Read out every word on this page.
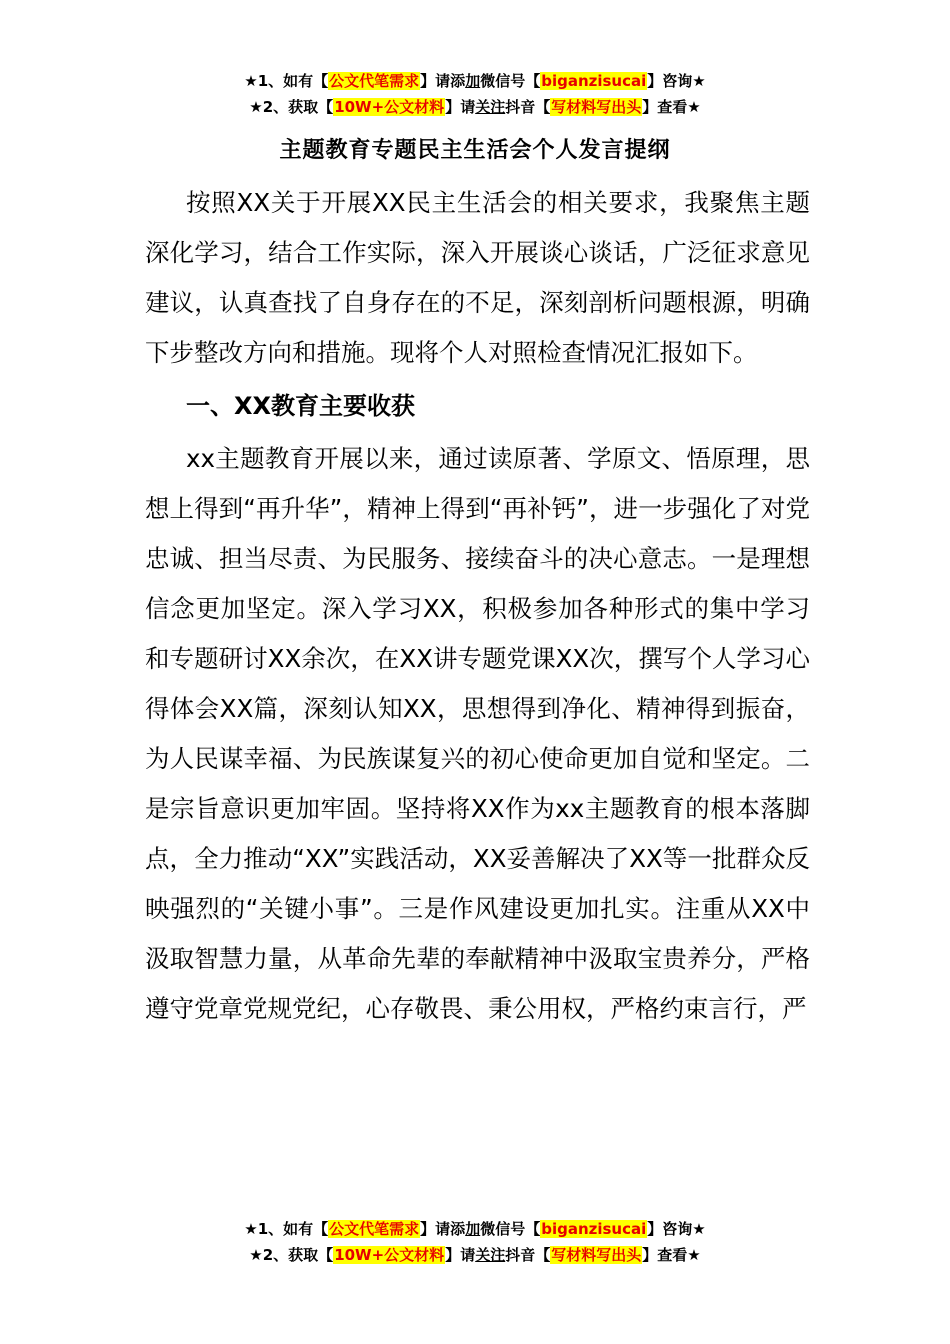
★1、如有【公文代笔需求】请添加微信号【biganzisucai】咨询★
★2、获取【10W+公文材料】请关注抖音【写材料写出头】查看★
主题教育专题民主生活会个人发言提纲

按照XX关于开展XX民主生活会的相关要求，我聚焦主题深化学习，结合工作实际，深入开展谈心谈话，广泛征求意见建议，认真查找了自身存在的不足，深刻剖析问题根源，明确下步整改方向和措施。现将个人对照检查情况汇报如下。

一、XX教育主要收获

xx主题教育开展以来，通过读原著、学原文、悟原理，思想上得到“再升华”，精神上得到“再补钙”，进一步强化了对党忠诚、担当尽责、为民服务、接续奋斗的决心意志。一是理想信念更加坚定。深入学习XX，积极参加各种形式的集中学习和专题研讨XX余次，在XX讲专题党课XX次，撰写个人学习心得体会XX篇，深刻认知XX，思想得到净化、精神得到振奋，为人民谋幸福、为民族谋复兴的初心使命更加自觉和坚定。二是宗旨意识更加牢固。坚持将XX作为xx主题教育的根本落脚点，全力推动“XX”实践活动，XX妥善解决了XX等一批群众反映强烈的“关键小事”。三是作风建设更加扎实。注重从XX中汲取智慧力量，从革命先辈的奉献精神中汲取宝贵养分，严格遵守党章党规党纪，心存敬畏、秉公用权，严格约束言行，严

★1、如有【公文代笔需求】请添加微信号【biganzisucai】咨询★
★2、获取【10W+公文材料】请关注抖音【写材料写出头】查看★
